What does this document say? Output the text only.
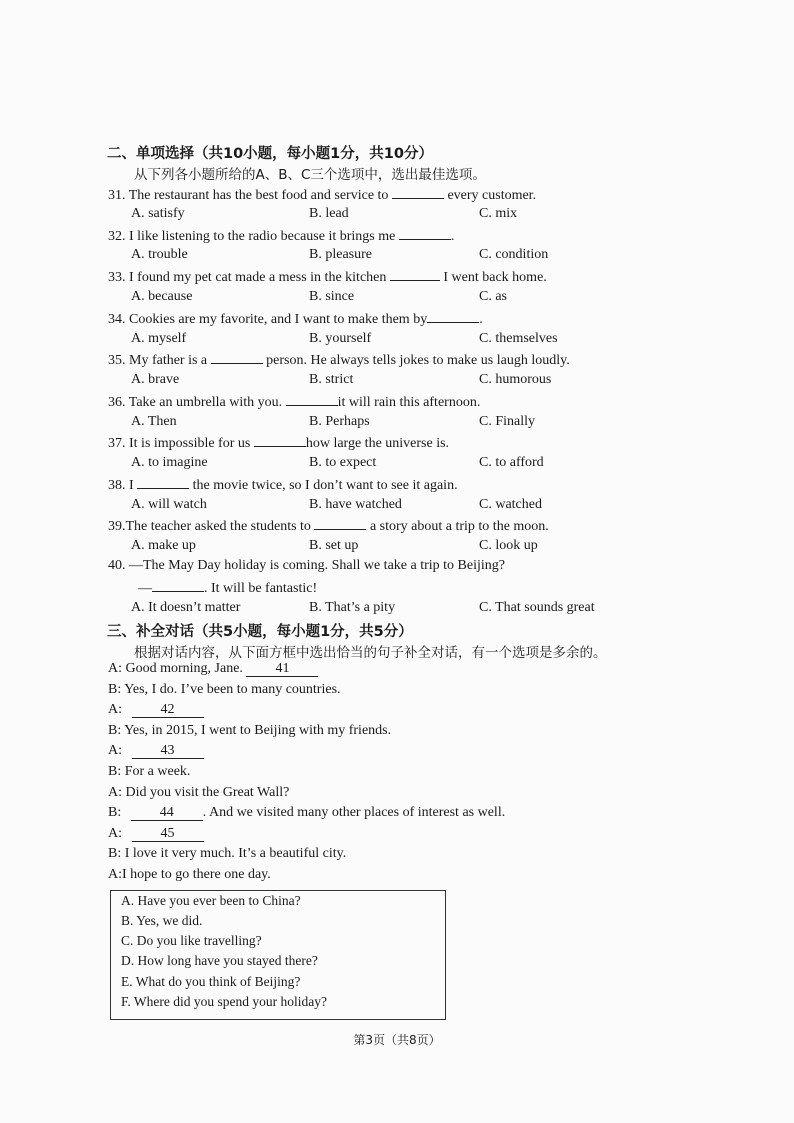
二、单项选择（共10小题，每小题1分，共10分）
从下列各小题所给的A、B、C三个选项中，选出最佳选项。
31. The restaurant has the best food and service to	every customer.
A. satisfy	B. lead	C. mix
32. I like listening to the radio because it brings me	.
A. trouble	B. pleasure	C. condition
33. I found my pet cat made a mess in the kitchen	I went back home.
A. because	B. since	C. as
34. Cookies are my favorite, and I want to make them by	.
A. myself	B. yourself	C. themselves
35. My father is a	person. He always tells jokes to make us laugh loudly.
A. brave	B. strict	C. humorous
36. Take an umbrella with you.	it will rain this afternoon.
A. Then	B. Perhaps	C. Finally
37. It is impossible for us	how large the universe is.
A. to imagine	B. to expect	C. to afford
38. I	the movie twice, so I don’t want to see it again.
A. will watch	B. have watched	C. watched
39.The teacher asked the students to	a story about a trip to the moon.
A. make up	B. set up	C. look up
40. —The May Day holiday is coming. Shall we take a trip to Beijing?
—	. It will be fantastic!
A. It doesn’t matter	B. That’s a pity	C. That sounds great
三、补全对话（共5小题，每小题1分，共5分）
根据对话内容，从下面方框中选出恰当的句子补全对话，有一个选项是多余的。
A: Good morning, Jane. 41
B: Yes, I do. I’ve been to many countries.
A:	42
B: Yes, in 2015, I went to Beijing with my friends.
A:	43
B: For a week.
A: Did you visit the Great Wall?
B:	44 . And we visited many other places of interest as well.
A:	45
B: I love it very much. It’s a beautiful city.
A:I hope to go there one day.
A. Have you ever been to China?
B. Yes, we did.
C. Do you like travelling?
D. How long have you stayed there?
E. What do you think of Beijing?
F. Where did you spend your holiday?
第3页（共8页）
